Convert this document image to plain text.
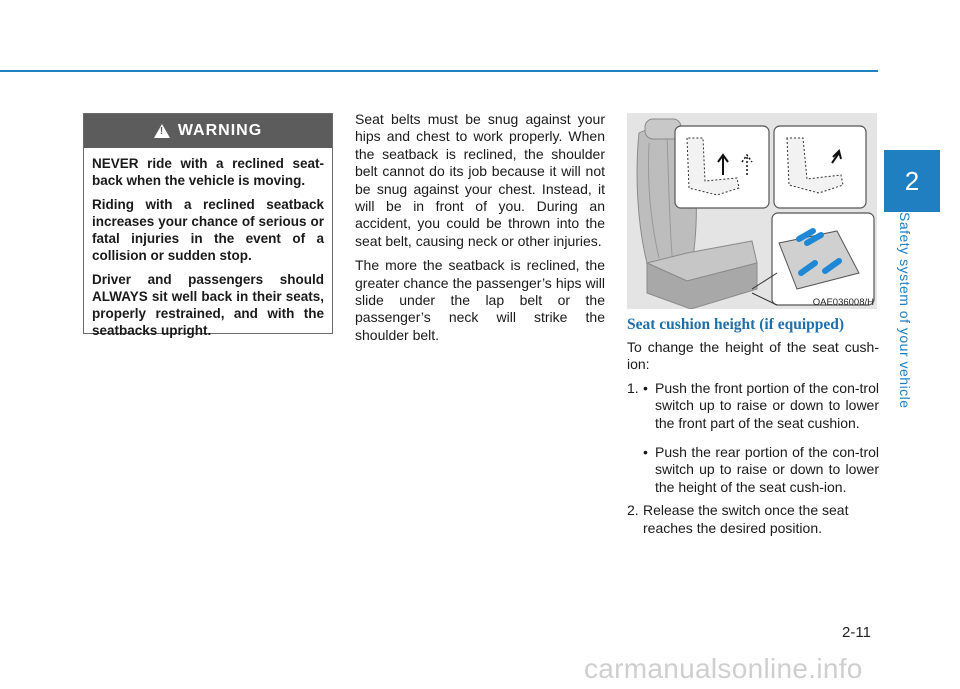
2
Safety system of your vehicle
!
WARNING

NEVER ride with a reclined seat-back when the vehicle is moving.

Riding with a reclined seatback increases your chance of serious or fatal injuries in the event of a collision or sudden stop.

Driver and passengers should ALWAYS sit well back in their seats, properly restrained, and with the seatbacks upright.

Seat belts must be snug against your hips and chest to work properly. When the seatback is reclined, the shoulder belt cannot do its job because it will not be snug against your chest. Instead, it will be in front of you. During an accident, you could be thrown into the seat belt, causing neck or other injuries.

The more the seatback is reclined, the greater chance the passenger’s hips will slide under the lap belt or the passenger’s neck will strike the shoulder belt.

OAE036008/H
Seat cushion height (if equipped)

To change the height of the seat cush-ion:

1. • Push the front portion of the con-trol switch up to raise or down to lower the front part of the seat cushion.
• Push the rear portion of the con-trol switch up to raise or down to lower the height of the seat cush-ion.
2. Release the switch once the seat reaches the desired position.
2-11
carmanualsonline.info
